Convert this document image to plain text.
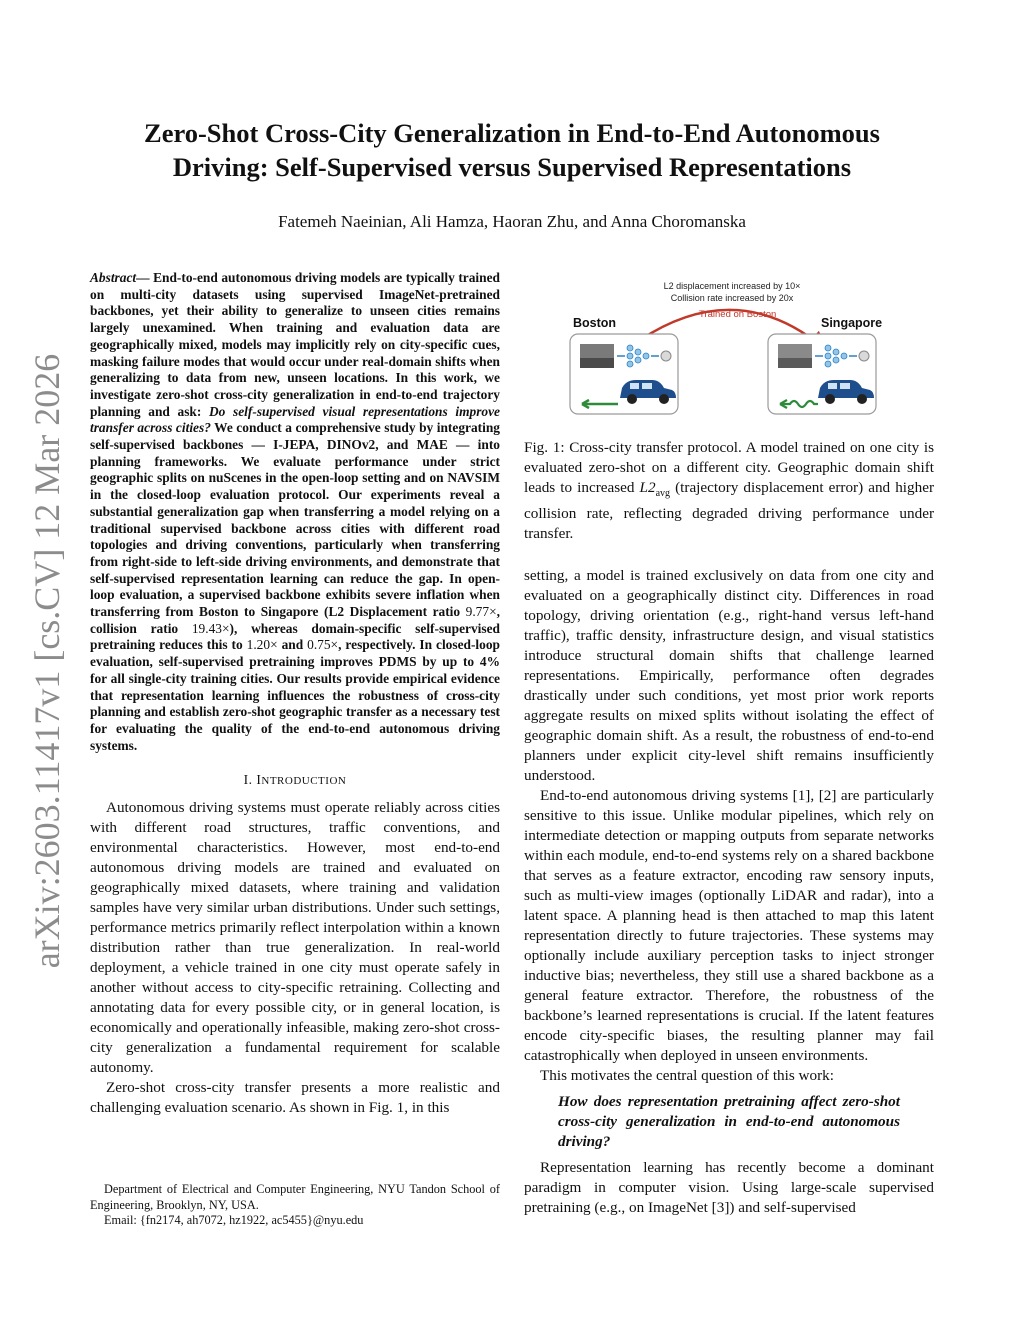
Zero-Shot Cross-City Generalization in End-to-End Autonomous
Driving: Self-Supervised versus Supervised Representations
Fatemeh Naeinian, Ali Hamza, Haoran Zhu, and Anna Choromanska
arXiv:2603.11417v1 [cs.CV] 12 Mar 2026

Abstract— End-to-end autonomous driving models are typically trained on multi-city datasets using supervised ImageNet-pretrained backbones, yet their ability to generalize to unseen cities remains largely unexamined. When training and evaluation data are geographically mixed, models may implicitly rely on city-specific cues, masking failure modes that would occur under real-domain shifts when generalizing to data from new, unseen locations. In this work, we investigate zero-shot cross-city generalization in end-to-end trajectory planning and ask: Do self-supervised visual representations improve transfer across cities? We conduct a comprehensive study by integrating self-supervised backbones — I-JEPA, DINOv2, and MAE — into planning frameworks. We evaluate performance under strict geographic splits on nuScenes in the open-loop setting and on NAVSIM in the closed-loop evaluation protocol. Our experiments reveal a substantial generalization gap when transferring a model relying on a traditional supervised backbone across cities with different road topologies and driving conventions, particularly when transferring from right-side to left-side driving environments, and demonstrate that self-supervised representation learning can reduce the gap. In open-loop evaluation, a supervised backbone exhibits severe inflation when transferring from Boston to Singapore (L2 Displacement ratio 9.77×, collision ratio 19.43×), whereas domain-specific self-supervised pretraining reduces this to 1.20× and 0.75×, respectively. In closed-loop evaluation, self-supervised pretraining improves PDMS by up to 4% for all single-city training cities. Our results provide empirical evidence that representation learning influences the robustness of cross-city planning and establish zero-shot geographic transfer as a necessary test for evaluating the quality of the end-to-end autonomous driving systems.

I. INTRODUCTION

Autonomous driving systems must operate reliably across cities with different road structures, traffic conventions, and environmental characteristics. However, most end-to-end autonomous driving models are trained and evaluated on geographically mixed datasets, where training and validation samples have very similar urban distributions. Under such settings, performance metrics primarily reflect interpolation within a known distribution rather than true generalization. In real-world deployment, a vehicle trained in one city must operate safely in another without access to city-specific retraining. Collecting and annotating data for every possible city, or in general location, is economically and operationally infeasible, making zero-shot cross-city generalization a fundamental requirement for scalable autonomy.

Zero-shot cross-city transfer presents a more realistic and challenging evaluation scenario. As shown in Fig. 1, in this

Department of Electrical and Computer Engineering, NYU Tandon School of Engineering, Brooklyn, NY, USA.
Email: {fn2174, ah7072, hz1922, ac5455}@nyu.edu
L2 displacement increased by 10×
Collision rate increased by 20x
Trained on Boston
Boston	Singapore

Fig. 1: Cross-city transfer protocol. A model trained on one city is evaluated zero-shot on a different city. Geographic domain shift leads to increased $L2_{avg}$ (trajectory displacement error) and higher collision rate, reflecting degraded driving performance under transfer.

setting, a model is trained exclusively on data from one city and evaluated on a geographically distinct city. Differences in road topology, driving orientation (e.g., right-hand versus left-hand traffic), traffic density, infrastructure design, and visual statistics introduce structural domain shifts that challenge learned representations. Empirically, performance often degrades drastically under such conditions, yet most prior work reports aggregate results on mixed splits without isolating the effect of geographic domain shift. As a result, the robustness of end-to-end planners under explicit city-level shift remains insufficiently understood.

End-to-end autonomous driving systems [1], [2] are particularly sensitive to this issue. Unlike modular pipelines, which rely on intermediate detection or mapping outputs from separate networks within each module, end-to-end systems rely on a shared backbone that serves as a feature extractor, encoding raw sensory inputs, such as multi-view images (optionally LiDAR and radar), into a latent space. A planning head is then attached to map this latent representation directly to future trajectories. These systems may optionally include auxiliary perception tasks to inject stronger inductive bias; nevertheless, they still use a shared backbone as a general feature extractor. Therefore, the robustness of the backbone’s learned representations is crucial. If the latent features encode city-specific biases, the resulting planner may fail catastrophically when deployed in unseen environments.

This motivates the central question of this work:

How does representation pretraining affect zero-shot cross-city generalization in end-to-end autonomous driving?

Representation learning has recently become a dominant paradigm in computer vision. Using large-scale supervised pretraining (e.g., on ImageNet [3]) and self-supervised
